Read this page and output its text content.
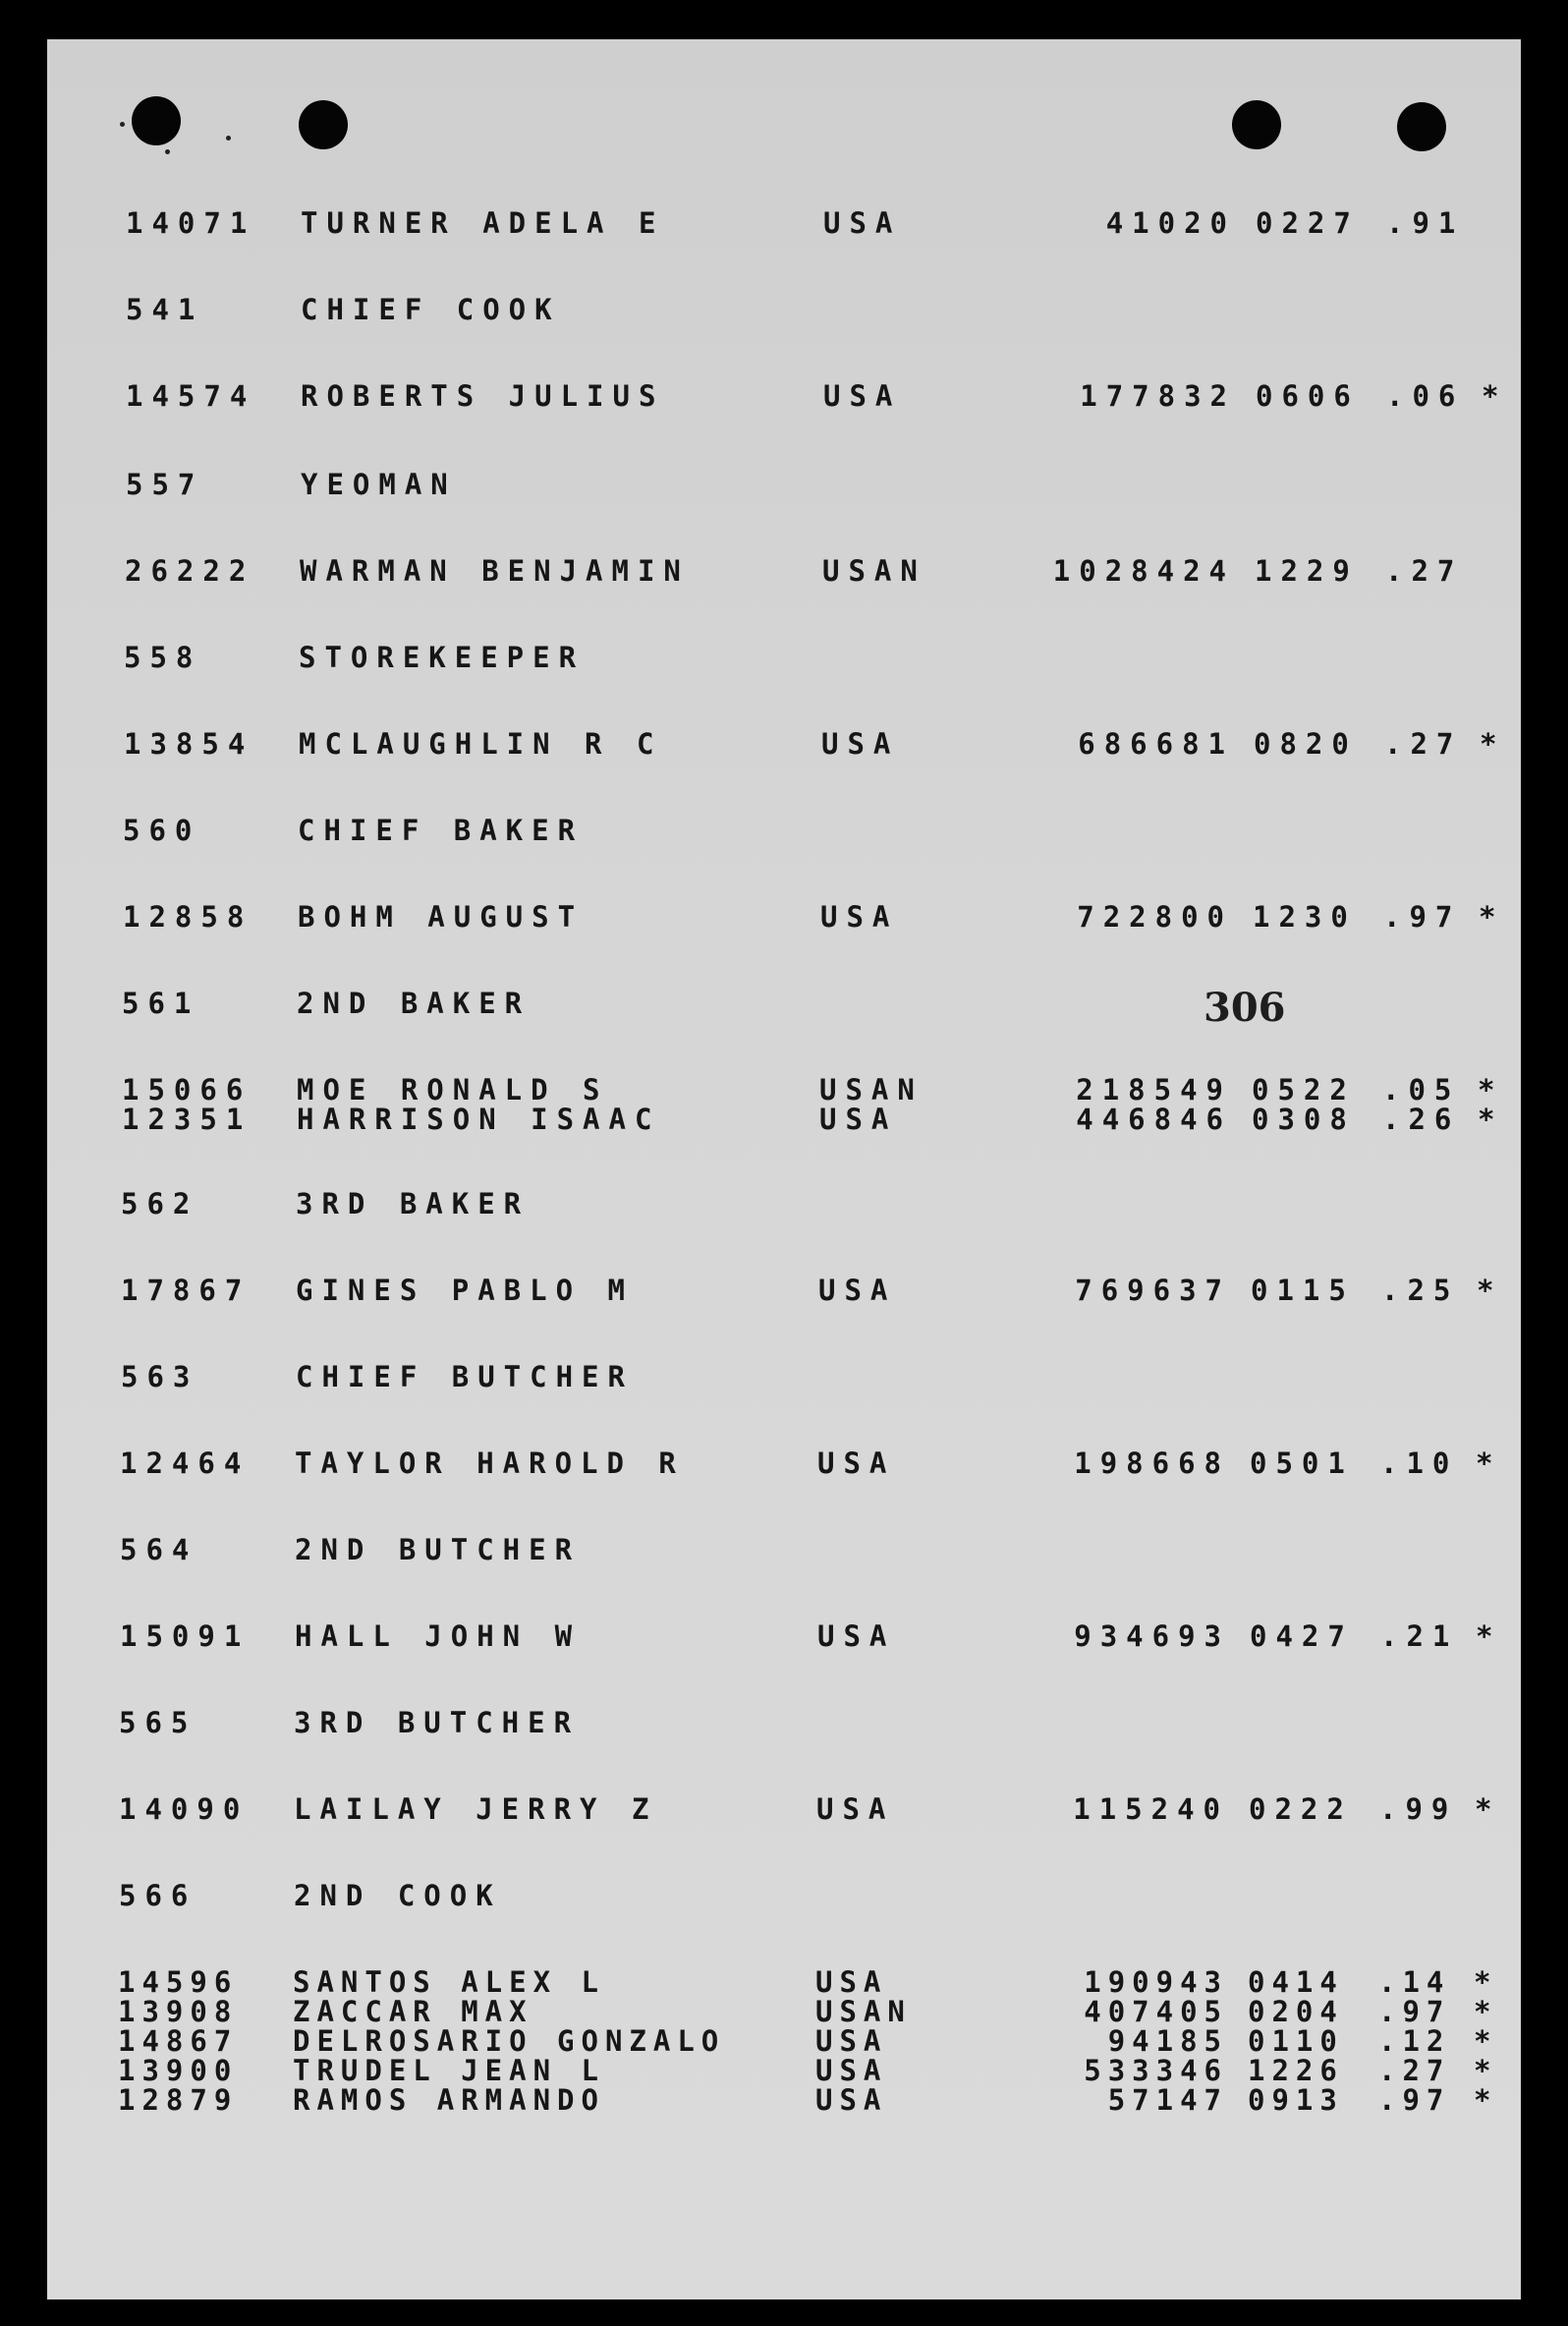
306
14071 TURNER ADELA E	USA	41020 0227 .91
541	CHIEF COOK
14574 ROBERTS JULIUS	USA	177832 0606 .06 *
557	YEOMAN
26222 WARMAN BENJAMIN	USAN	1028424 1229 .27
558	STOREKEEPER
13854 MCLAUGHLIN R C	USA	686681 0820 .27 *
560	CHIEF BAKER
12858 BOHM AUGUST	USA	722800 1230 .97 *
561	2ND BAKER
15066 MOE RONALD S	USAN	218549 0522 .05 *
12351 HARRISON ISAAC	USA	446846 0308 .26 *
562	3RD BAKER
17867 GINES PABLO M	USA	769637 0115 .25 *
563	CHIEF BUTCHER
12464 TAYLOR HAROLD R	USA	198668 0501 .10 *
564	2ND BUTCHER
15091 HALL JOHN W	USA	934693 0427 .21 *
565	3RD BUTCHER
14090 LAILAY JERRY Z	USA	115240 0222 .99 *
566	2ND COOK
14596 SANTOS ALEX L	USA	190943 0414 .14 *
13908 ZACCAR MAX	USAN	407405 0204 .97 *
14867 DELROSARIO GONZALO	USA	94185 0110 .12 *
13900 TRUDEL JEAN L	USA	533346 1226 .27 *
12879 RAMOS ARMANDO	USA	57147 0913 .97 *
